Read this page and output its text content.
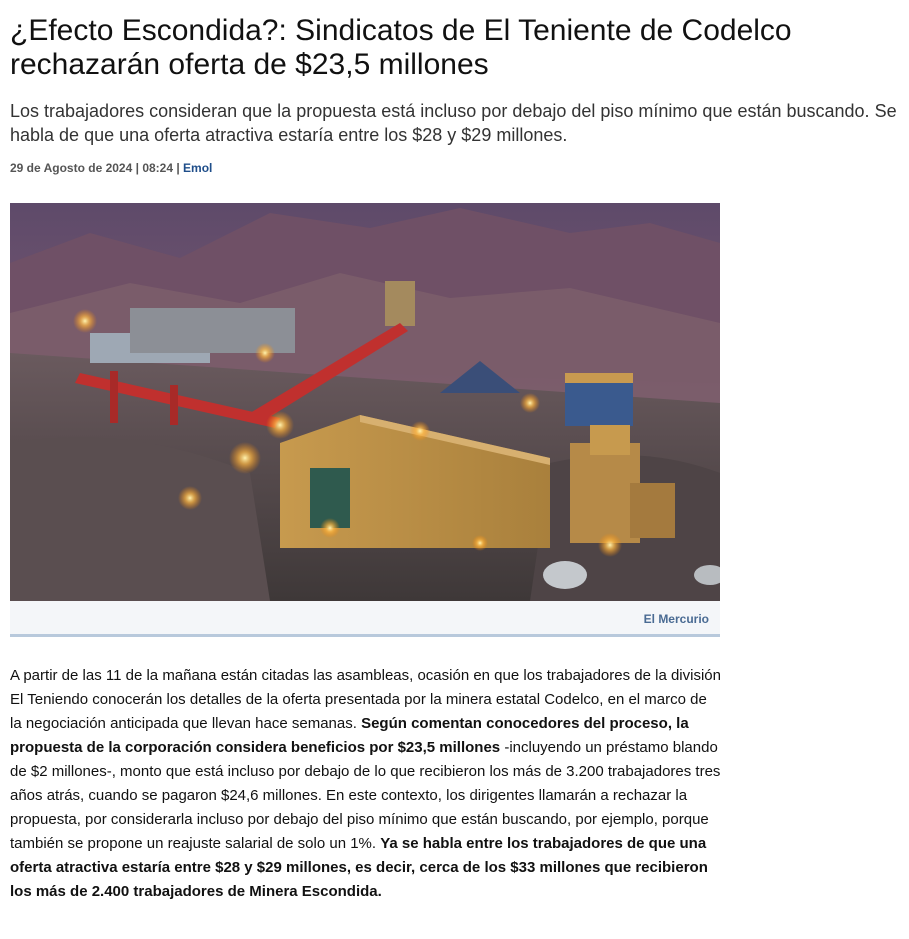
¿Efecto Escondida?: Sindicatos de El Teniente de Codelco rechazarán oferta de $23,5 millones

Los trabajadores consideran que la propuesta está incluso por debajo del piso mínimo que están buscando. Se habla de que una oferta atractiva estaría entre los $28 y $29 millones.

29 de Agosto de 2024 | 08:24 | Emol
El Mercurio

A partir de las 11 de la mañana están citadas las asambleas, ocasión en que los trabajadores de la división El Teniendo conocerán los detalles de la oferta presentada por la minera estatal Codelco, en el marco de la negociación anticipada que llevan hace semanas. Según comentan conocedores del proceso, la propuesta de la corporación considera beneficios por $23,5 millones -incluyendo un préstamo blando de $2 millones-, monto que está incluso por debajo de lo que recibieron los más de 3.200 trabajadores tres años atrás, cuando se pagaron $24,6 millones. En este contexto, los dirigentes llamarán a rechazar la propuesta, por considerarla incluso por debajo del piso mínimo que están buscando, por ejemplo, porque también se propone un reajuste salarial de solo un 1%. Ya se habla entre los trabajadores de que una oferta atractiva estaría entre $28 y $29 millones, es decir, cerca de los $33 millones que recibieron los más de 2.400 trabajadores de Minera Escondida.
